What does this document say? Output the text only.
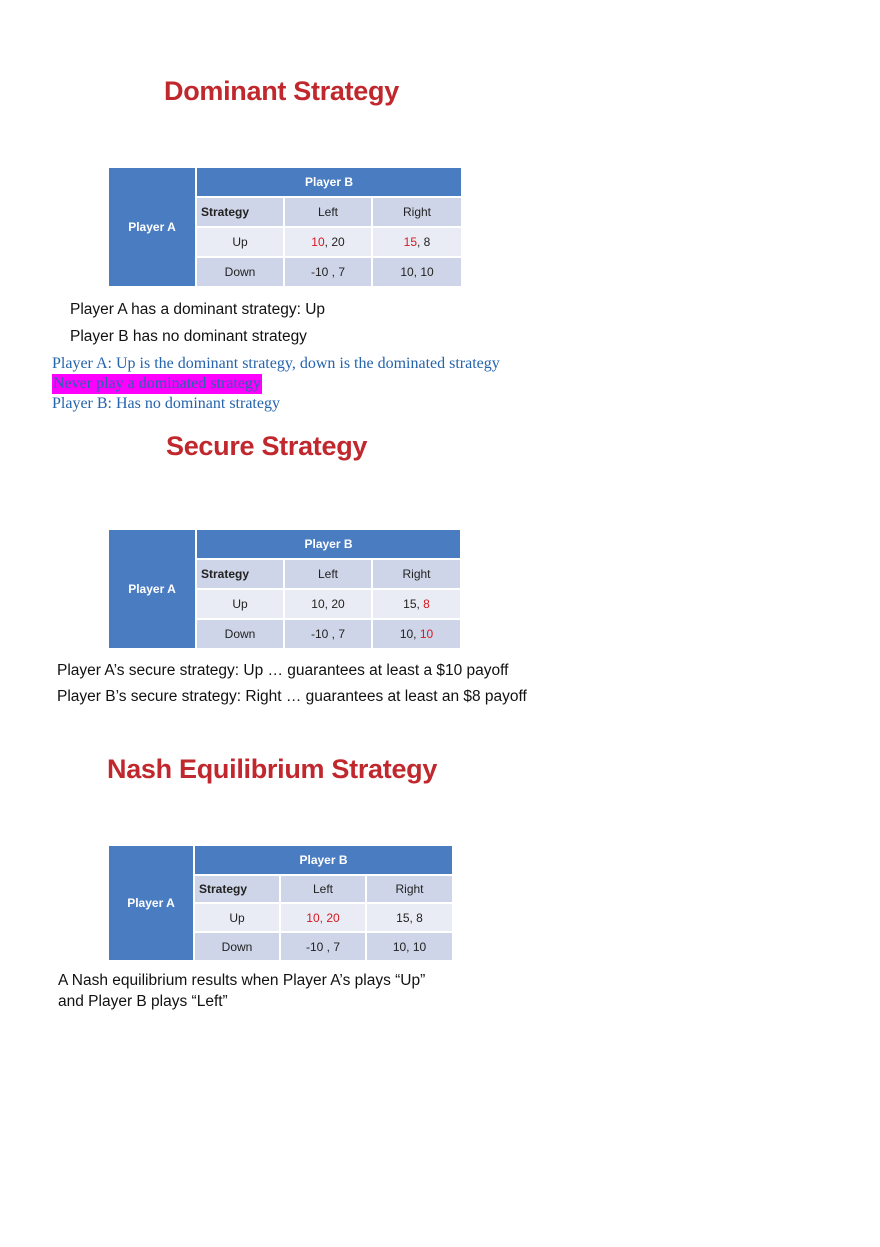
Dominant Strategy
Player A	Player B		
	Strategy	Left	Right
	Up	10, 20	15, 8
	Down	-10 , 7	10, 10

Player A has a dominant strategy: Up

Player B has no dominant strategy

Player A: Up is the dominant strategy, down is the dominated strategy

Never play a dominated strategy

Player B: Has no dominant strategy

Secure Strategy
Player A	Player B		
	Strategy	Left	Right
	Up	10, 20	15, 8
	Down	-10 , 7	10, 10

Player A’s secure strategy: Up … guarantees at least a $10 payoff

Player B’s secure strategy: Right … guarantees at least an $8 payoff

Nash Equilibrium Strategy
Player A	Player B		
	Strategy	Left	Right
	Up	10, 20	15, 8
	Down	-10 , 7	10, 10

A Nash equilibrium results when Player A’s plays “Up”

and Player B plays “Left”
